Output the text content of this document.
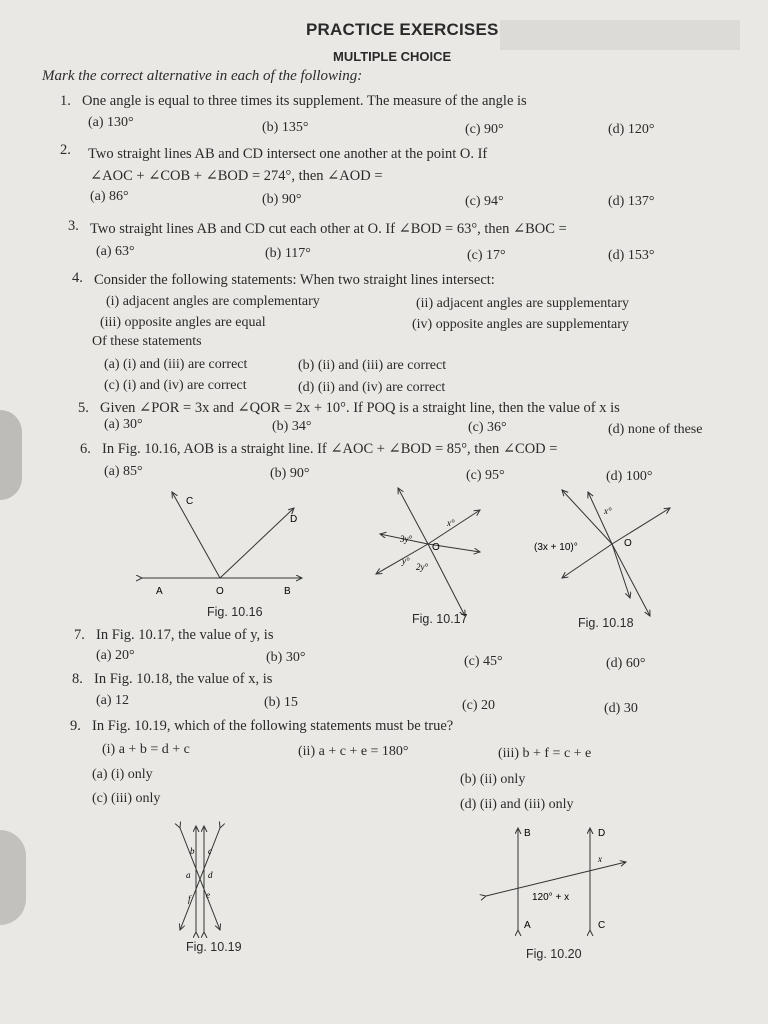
PRACTICE EXERCISES
MULTIPLE CHOICE
Mark the correct alternative in each of the following:
1. One angle is equal to three times its supplement. The measure of the angle is
(a) 130°	(b) 135°	(c) 90°	(d) 120°
2. Two straight lines AB and CD intersect one another at the point O. If
∠AOC + ∠COB + ∠BOD = 274°, then ∠AOD =
(a) 86°	(b) 90°	(c) 94°	(d) 137°
3. Two straight lines AB and CD cut each other at O. If ∠BOD = 63°, then ∠BOC =
(a) 63°	(b) 117°	(c) 17°	(d) 153°
4. Consider the following statements: When two straight lines intersect:
(i) adjacent angles are complementary	(ii) adjacent angles are supplementary
(iii) opposite angles are equal	(iv) opposite angles are supplementary
Of these statements
(a) (i) and (iii) are correct	(b) (ii) and (iii) are correct
(c) (i) and (iv) are correct	(d) (ii) and (iv) are correct
5. Given ∠POR = 3x and ∠QOR = 2x + 10°. If POQ is a straight line, then the value of x is
(a) 30°	(b) 34°	(c) 36°	(d) none of these
6. In Fig. 10.16, AOB is a straight line. If ∠AOC + ∠BOD = 85°, then ∠COD =
(a) 85°	(b) 90°	(c) 95°	(d) 100°
C
D
A	O	B
3y°
O
x°
y°
2y°
(3x + 10)°	O
x°
Fig. 10.16	Fig. 10.17	Fig. 10.18
7. In Fig. 10.17, the value of y, is
(a) 20°	(b) 30°	(c) 45°	(d) 60°
8. In Fig. 10.18, the value of x, is
(a) 12	(b) 15	(c) 20	(d) 30
9. In Fig. 10.19, which of the following statements must be true?
(i) a + b = d + c	(ii) a + c + e = 180°	(iii) b + f = c + e
(a) (i) only	(b) (ii) only
(c) (iii) only	(d) (ii) and (iii) only
b c
a d
f e
B	D
x
120° + x
A	C
Fig. 10.19	Fig. 10.20
